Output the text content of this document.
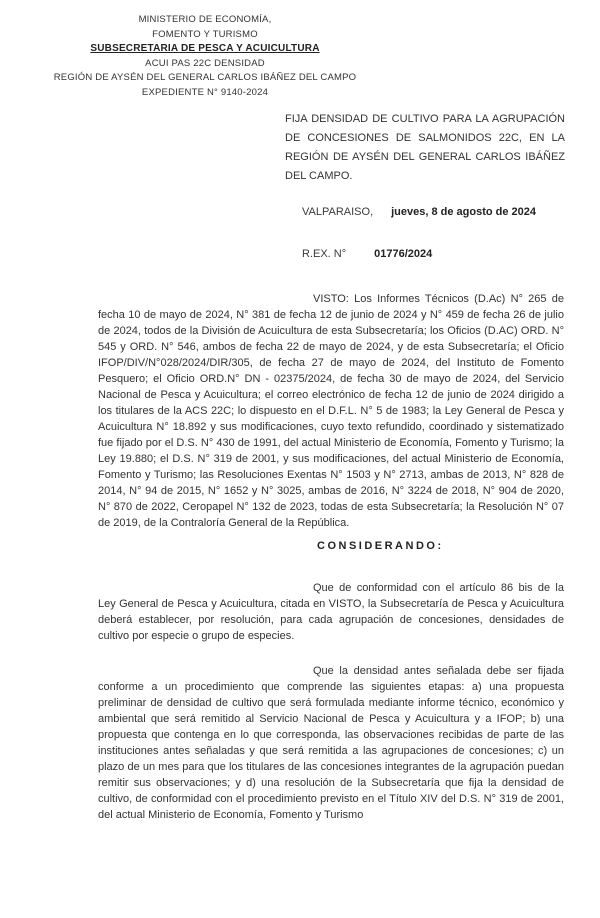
MINISTERIO DE ECONOMÍA,
FOMENTO Y TURISMO
SUBSECRETARIA DE PESCA Y ACUICULTURA
ACUI PAS 22C DENSIDAD
REGIÓN DE AYSÉN DEL GENERAL CARLOS IBÁÑEZ DEL CAMPO
EXPEDIENTE N° 9140-2024
FIJA DENSIDAD DE CULTIVO PARA LA AGRUPACIÓN DE CONCESIONES DE SALMONIDOS 22C, EN LA REGIÓN DE AYSÉN DEL GENERAL CARLOS IBÁÑEZ DEL CAMPO.
VALPARAISO, jueves, 8 de agosto de 2024
R.EX. N°	01776/2024

VISTO: Los Informes Técnicos (D.Ac) N° 265 de fecha 10 de mayo de 2024, N° 381 de fecha 12 de junio de 2024 y N° 459 de fecha 26 de julio de 2024, todos de la División de Acuicultura de esta Subsecretaría; los Oficios (D.AC) ORD. N° 545 y ORD. N° 546, ambos de fecha 22 de mayo de 2024, y de esta Subsecretaría; el Oficio IFOP/DIV/N°028/2024/DIR/305, de fecha 27 de mayo de 2024, del Instituto de Fomento Pesquero; el Oficio ORD.N° DN - 02375/2024, de fecha 30 de mayo de 2024, del Servicio Nacional de Pesca y Acuicultura; el correo electrónico de fecha 12 de junio de 2024 dirigido a los titulares de la ACS 22C; lo dispuesto en el D.F.L. N° 5 de 1983; la Ley General de Pesca y Acuicultura N° 18.892 y sus modificaciones, cuyo texto refundido, coordinado y sistematizado fue fijado por el D.S. N° 430 de 1991, del actual Ministerio de Economía, Fomento y Turismo; la Ley 19.880; el D.S. N° 319 de 2001, y sus modificaciones, del actual Ministerio de Economía, Fomento y Turismo; las Resoluciones Exentas N° 1503 y N° 2713, ambas de 2013, N° 828 de 2014, N° 94 de 2015, N° 1652 y N° 3025, ambas de 2016, N° 3224 de 2018, N° 904 de 2020, N° 870 de 2022, Ceropapel N° 132 de 2023, todas de esta Subsecretaría; la Resolución N° 07 de 2019, de la Contraloría General de la República.

CONSIDERANDO:

Que de conformidad con el artículo 86 bis de la Ley General de Pesca y Acuicultura, citada en VISTO, la Subsecretaría de Pesca y Acuicultura deberá establecer, por resolución, para cada agrupación de concesiones, densidades de cultivo por especie o grupo de especies.

Que la densidad antes señalada debe ser fijada conforme a un procedimiento que comprende las siguientes etapas: a) una propuesta preliminar de densidad de cultivo que será formulada mediante informe técnico, económico y ambiental que será remitido al Servicio Nacional de Pesca y Acuicultura y a IFOP; b) una propuesta que contenga en lo que corresponda, las observaciones recibidas de parte de las instituciones antes señaladas y que será remitida a las agrupaciones de concesiones; c) un plazo de un mes para que los titulares de las concesiones integrantes de la agrupación puedan remitir sus observaciones; y d) una resolución de la Subsecretaría que fija la densidad de cultivo, de conformidad con el procedimiento previsto en el Título XIV del D.S. N° 319 de 2001, del actual Ministerio de Economía, Fomento y Turismo
